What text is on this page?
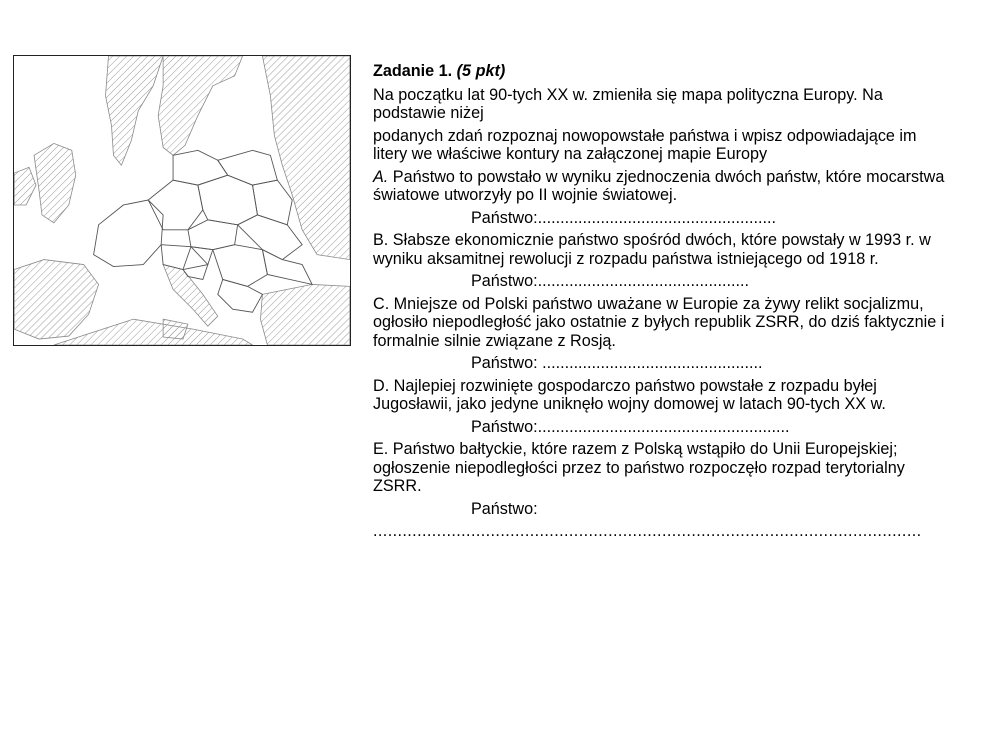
Zadanie 1. (5 pkt)

Na początku lat 90-tych XX w. zmieniła się mapa polityczna Europy. Na podstawie niżej

podanych zdań rozpoznaj nowopowstałe państwa i wpisz odpowiadające im litery we właściwe kontury na załączonej mapie Europy

A. Państwo to powstało w wyniku zjednoczenia dwóch państw, które mocarstwa światowe utworzyły po II wojnie światowej.

Państwo:.....................................................

B. Słabsze ekonomicznie państwo spośród dwóch, które powstały w 1993 r. w wyniku aksamitnej rewolucji z rozpadu państwa istniejącego od 1918 r.

Państwo:...............................................

C. Mniejsze od Polski państwo uważane w Europie za żywy relikt socjalizmu, ogłosiło niepodległość jako ostatnie z byłych republik ZSRR, do dziś faktycznie i formalnie silnie związane z Rosją.

Państwo: .................................................

D. Najlepiej rozwinięte gospodarczo państwo powstałe z rozpadu byłej Jugosławii, jako jedyne uniknęło wojny domowej w latach 90-tych XX w.

Państwo:........................................................

E. Państwo bałtyckie, które razem z Polską wstąpiło do Unii Europejskiej; ogłoszenie niepodległości przez to państwo rozpoczęło rozpad terytorialny ZSRR.

Państwo:

................................................................................................................
